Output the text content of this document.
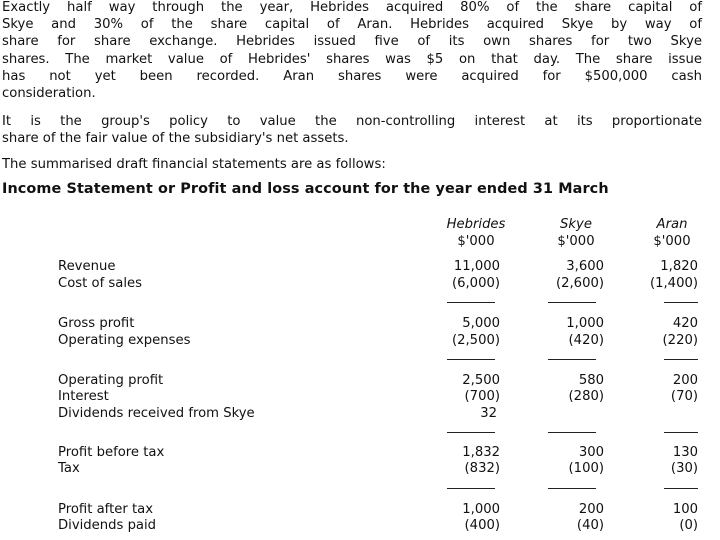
Exactly half way through the year, Hebrides acquired 80% of the share capital of
Skye and 30% of the share capital of Aran. Hebrides acquired Skye by way of
share for share exchange. Hebrides issued five of its own shares for two Skye
shares. The market value of Hebrides' shares was $5 on that day. The share issue
has not yet been recorded. Aran shares were acquired for $500,000 cash
consideration.
It is the group's policy to value the non-controlling interest at its proportionate
share of the fair value of the subsidiary's net assets.
The summarised draft financial statements are as follows:
Income Statement or Profit and loss account for the year ended 31 March
Hebrides
$'000
Skye
$'000
Aran
$'000
Revenue	11,000	3,600	1,820
Cost of sales	(6,000)	(2,600)	(1,400)
Gross profit	5,000	1,000	420
Operating expenses	(2,500)	(420)	(220)
Operating profit	2,500	580	200
Interest	(700)	(280)	(70)
Dividends received from Skye	32
Profit before tax	1,832	300	130
Tax	(832)	(100)	(30)
Profit after tax	1,000	200	100
Dividends paid	(400)	(40)	(0)
